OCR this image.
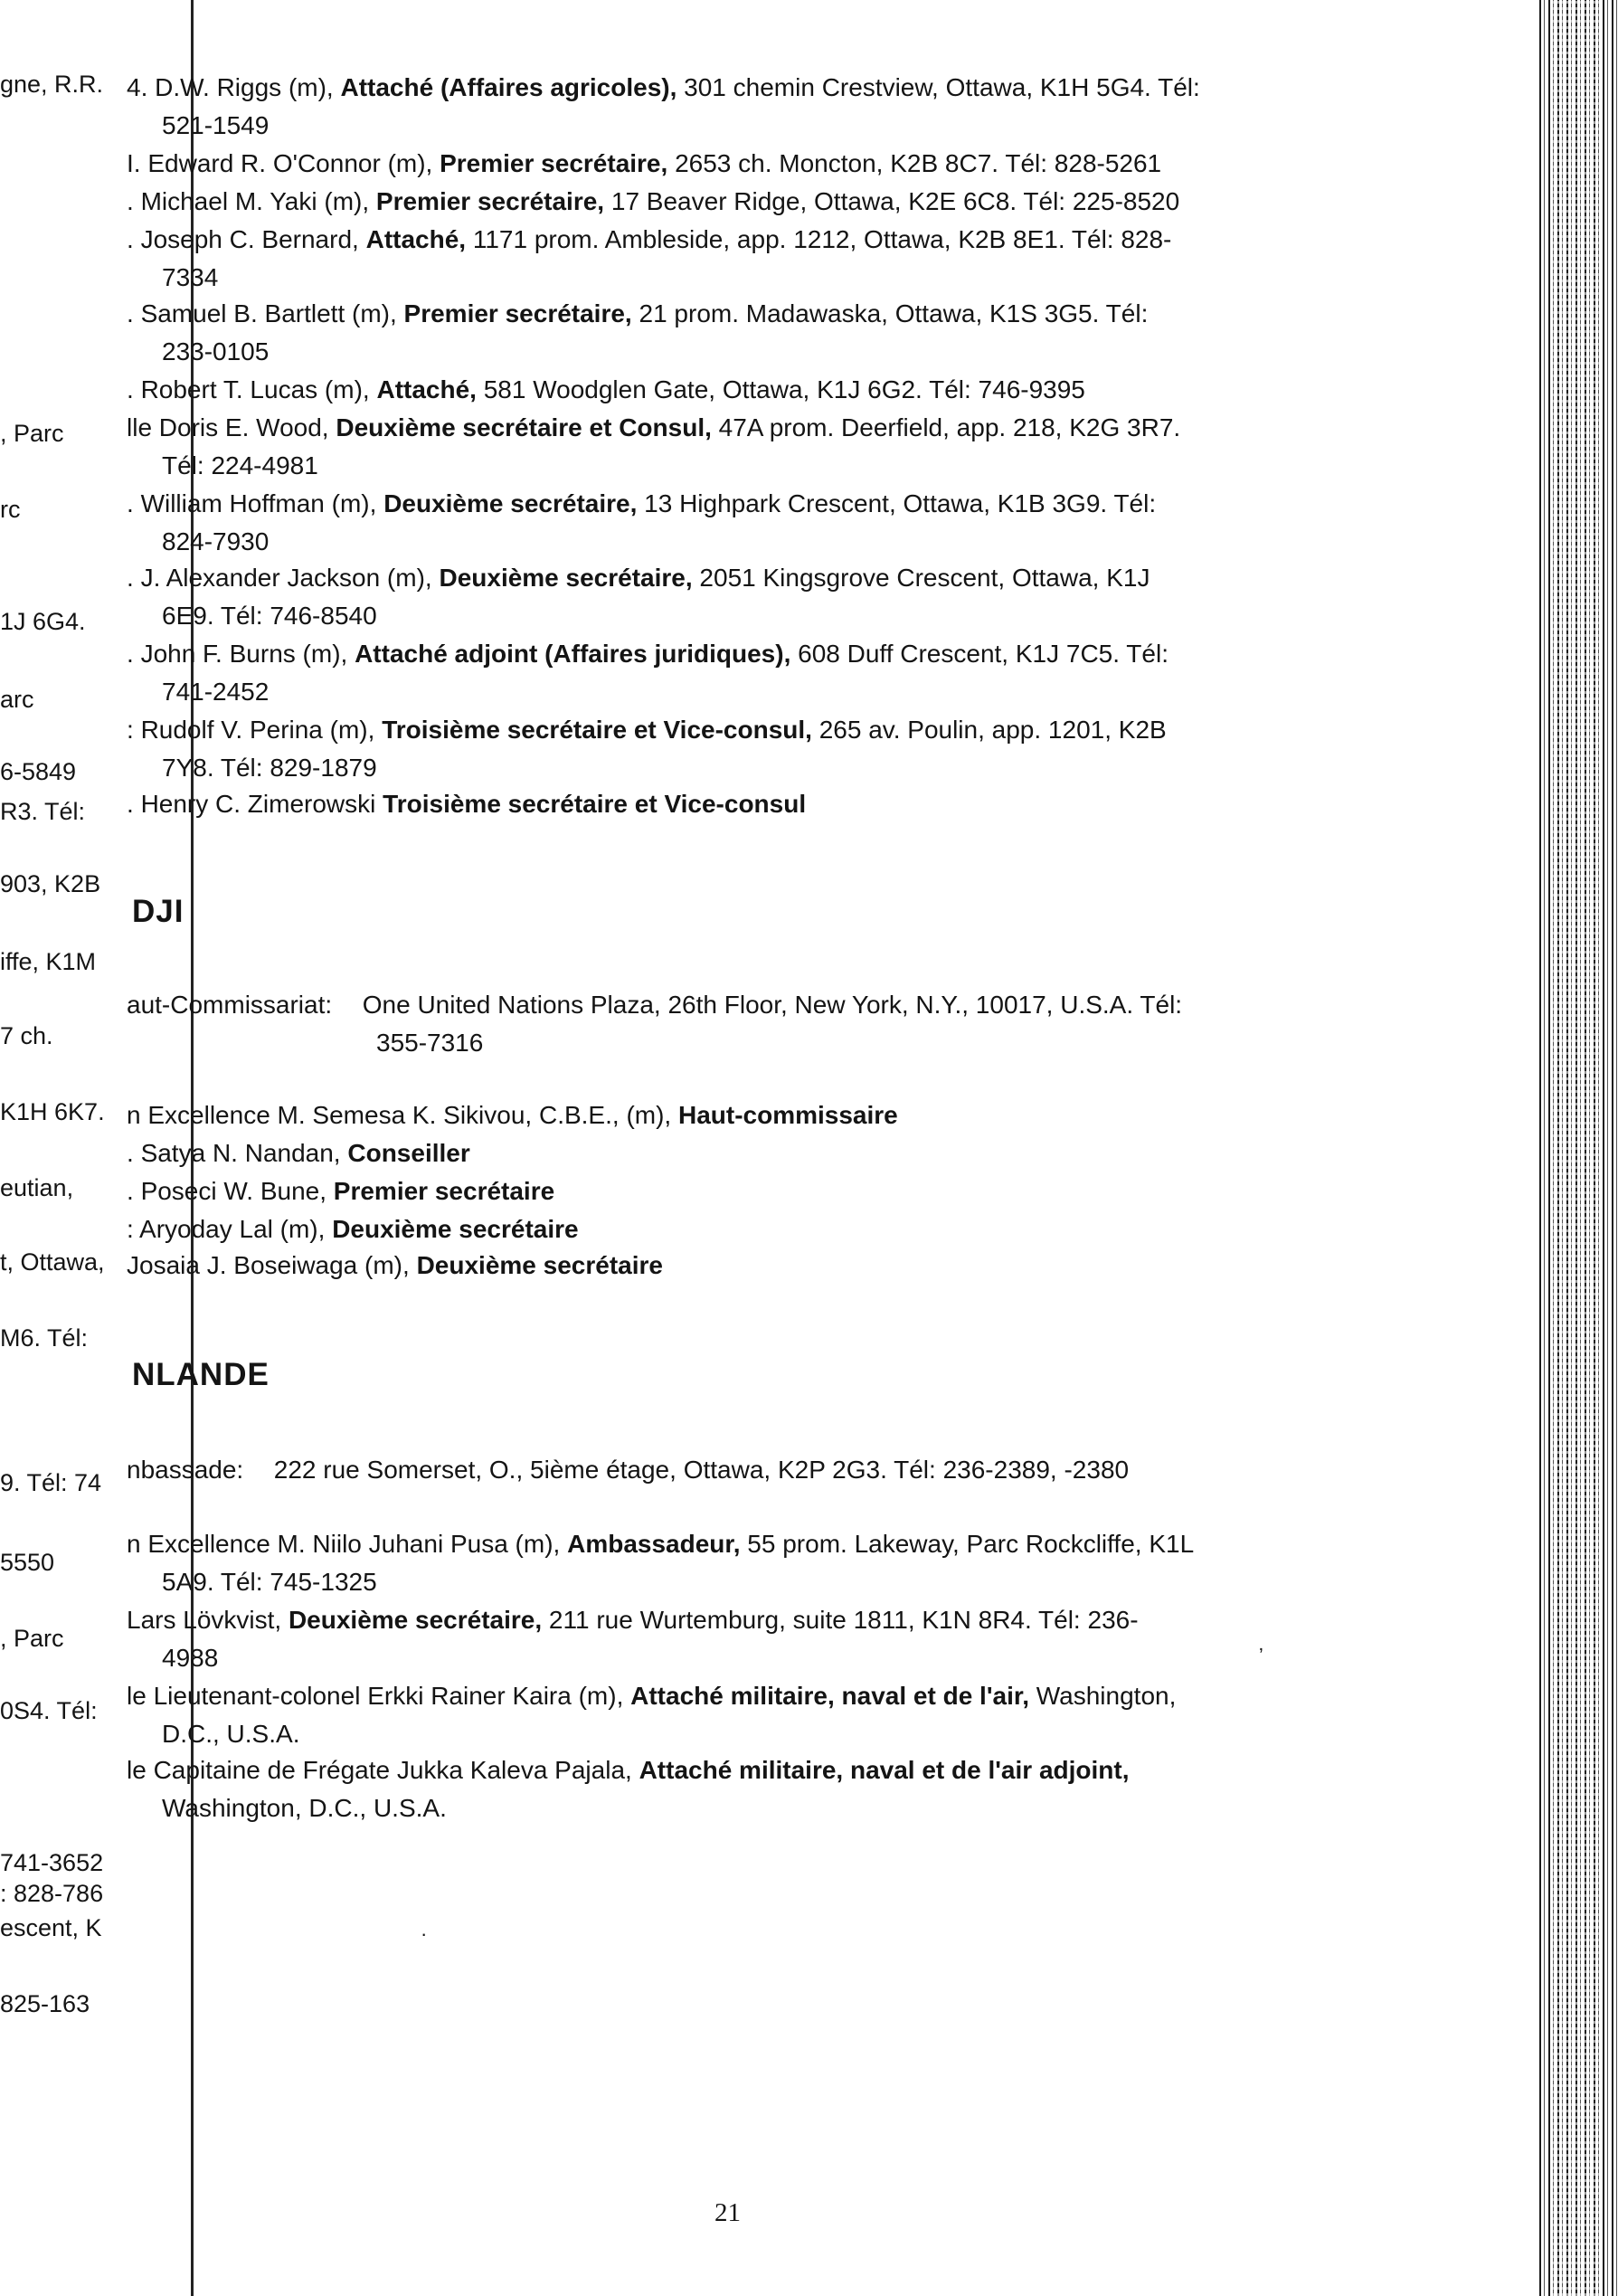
gne, R.R.
, Parc
rc
1J 6G4.
arc
6-5849
R3. Tél:
903, K2B
iffe, K1M
7 ch.
K1H 6K7.
eutian,
t, Ottawa,
M6. Tél:
9. Tél: 74
5550
, Parc
0S4. Tél:
741-3652
: 828-786
escent, K
825-163
4. D.W. Riggs (m), Attaché (Affaires agricoles), 301 chemin Crestview, Ottawa, K1H 5G4. Tél:
521-1549
I. Edward R. O'Connor (m), Premier secrétaire, 2653 ch. Moncton, K2B 8C7. Tél: 828-5261
. Michael M. Yaki (m), Premier secrétaire, 17 Beaver Ridge, Ottawa, K2E 6C8. Tél: 225-8520
. Joseph C. Bernard, Attaché, 1171 prom. Ambleside, app. 1212, Ottawa, K2B 8E1. Tél: 828-
7334
. Samuel B. Bartlett (m), Premier secrétaire, 21 prom. Madawaska, Ottawa, K1S 3G5. Tél:
233-0105
. Robert T. Lucas (m), Attaché, 581 Woodglen Gate, Ottawa, K1J 6G2. Tél: 746-9395
lle Doris E. Wood, Deuxième secrétaire et Consul, 47A prom. Deerfield, app. 218, K2G 3R7.
Tél: 224-4981
. William Hoffman (m), Deuxième secrétaire, 13 Highpark Crescent, Ottawa, K1B 3G9. Tél:
824-7930
. J. Alexander Jackson (m), Deuxième secrétaire, 2051 Kingsgrove Crescent, Ottawa, K1J
6E9. Tél: 746-8540
. John F. Burns (m), Attaché adjoint (Affaires juridiques), 608 Duff Crescent, K1J 7C5. Tél:
741-2452
: Rudolf V. Perina (m), Troisième secrétaire et Vice-consul, 265 av. Poulin, app. 1201, K2B
7Y8. Tél: 829-1879
. Henry C. Zimerowski Troisième secrétaire et Vice-consul
DJI
aut-Commissariat: One United Nations Plaza, 26th Floor, New York, N.Y., 10017, U.S.A. Tél:
355-7316
n Excellence M. Semesa K. Sikivou, C.B.E., (m), Haut-commissaire
. Satya N. Nandan, Conseiller
. Poseci W. Bune, Premier secrétaire
: Aryoday Lal (m), Deuxième secrétaire
Josaia J. Boseiwaga (m), Deuxième secrétaire
NLANDE
nbassade: 222 rue Somerset, O., 5ième étage, Ottawa, K2P 2G3. Tél: 236-2389, -2380
n Excellence M. Niilo Juhani Pusa (m), Ambassadeur, 55 prom. Lakeway, Parc Rockcliffe, K1L
5A9. Tél: 745-1325
Lars Lövkvist, Deuxième secrétaire, 211 rue Wurtemburg, suite 1811, K1N 8R4. Tél: 236-
4988
le Lieutenant-colonel Erkki Rainer Kaira (m), Attaché militaire, naval et de l'air, Washington,
D.C., U.S.A.
le Capitaine de Frégate Jukka Kaleva Pajala, Attaché militaire, naval et de l'air adjoint,
Washington, D.C., U.S.A.
ʼ
·
21
